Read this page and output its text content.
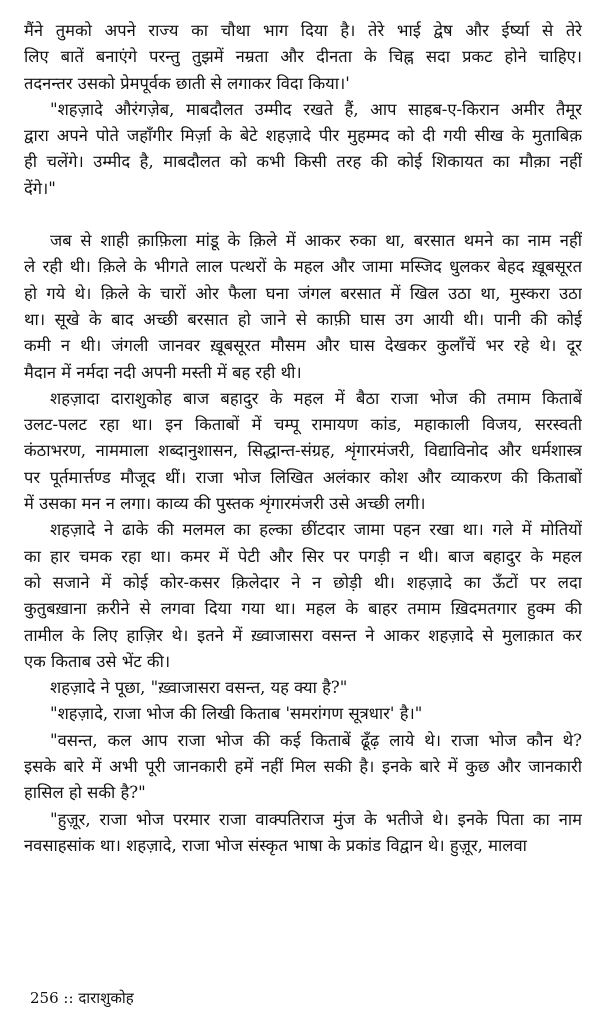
मैंने तुमको अपने राज्य का चौथा भाग दिया है। तेरे भाई द्वेष और ईर्ष्या से तेरे
लिए बातें बनाएंगे परन्तु तुझमें नम्रता और दीनता के चिह्न सदा प्रकट होने चाहिए।
तदनन्तर उसको प्रेमपूर्वक छाती से लगाकर विदा किया।'

"शहज़ादे औरंगज़ेब, माबदौलत उम्मीद रखते हैं, आप साहब-ए-किरान अमीर तैमूर
द्वारा अपने पोते जहाँगीर मिर्ज़ा के बेटे शहज़ादे पीर मुहम्मद को दी गयी सीख के मुताबिक़
ही चलेंगे। उम्मीद है, माबदौलत को कभी किसी तरह की कोई शिकायत का मौक़ा नहीं
देंगे।"

जब से शाही क़ाफ़िला मांडू के क़िले में आकर रुका था, बरसात थमने का नाम नहीं
ले रही थी। क़िले के भीगते लाल पत्थरों के महल और जामा मस्जिद धुलकर बेहद ख़ूबसूरत
हो गये थे। क़िले के चारों ओर फैला घना जंगल बरसात में खिल उठा था, मुस्करा उठा
था। सूखे के बाद अच्छी बरसात हो जाने से काफ़ी घास उग आयी थी। पानी की कोई
कमी न थी। जंगली जानवर ख़ूबसूरत मौसम और घास देखकर कुलाँचें भर रहे थे। दूर
मैदान में नर्मदा नदी अपनी मस्ती में बह रही थी।

शहज़ादा दाराशुकोह बाज बहादुर के महल में बैठा राजा भोज की तमाम किताबें
उलट-पलट रहा था। इन किताबों में चम्पू रामायण कांड, महाकाली विजय, सरस्वती
कंठाभरण, नाममाला शब्दानुशासन, सिद्धान्त-संग्रह, शृंगारमंजरी, विद्याविनोद और धर्मशास्त्र
पर पूर्तमार्त्तण्ड मौजूद थीं। राजा भोज लिखित अलंकार कोश और व्याकरण की किताबों
में उसका मन न लगा। काव्य की पुस्तक शृंगारमंजरी उसे अच्छी लगी।

शहज़ादे ने ढाके की मलमल का हल्का छींटदार जामा पहन रखा था। गले में मोतियों
का हार चमक रहा था। कमर में पेटी और सिर पर पगड़ी न थी। बाज बहादुर के महल
को सजाने में कोई कोर-कसर क़िलेदार ने न छोड़ी थी। शहज़ादे का ऊँटों पर लदा
कुतुबख़ाना क़रीने से लगवा दिया गया था। महल के बाहर तमाम ख़िदमतगार हुक्म की
तामील के लिए हाज़िर थे। इतने में ख़्वाजासरा वसन्त ने आकर शहज़ादे से मुलाक़ात कर
एक किताब उसे भेंट की।

शहज़ादे ने पूछा, "ख़्वाजासरा वसन्त, यह क्या है?"

"शहज़ादे, राजा भोज की लिखी किताब 'समरांगण सूत्रधार' है।"

"वसन्त, कल आप राजा भोज की कई किताबें ढूँढ़ लाये थे। राजा भोज कौन थे?
इसके बारे में अभी पूरी जानकारी हमें नहीं मिल सकी है। इनके बारे में कुछ और जानकारी
हासिल हो सकी है?"

"हुज़ूर, राजा भोज परमार राजा वाक्पतिराज मुंज के भतीजे थे। इनके पिता का नाम
नवसाहसांक था। शहज़ादे, राजा भोज संस्कृत भाषा के प्रकांड विद्वान थे। हुज़ूर, मालवा

256 :: दाराशुकोह
